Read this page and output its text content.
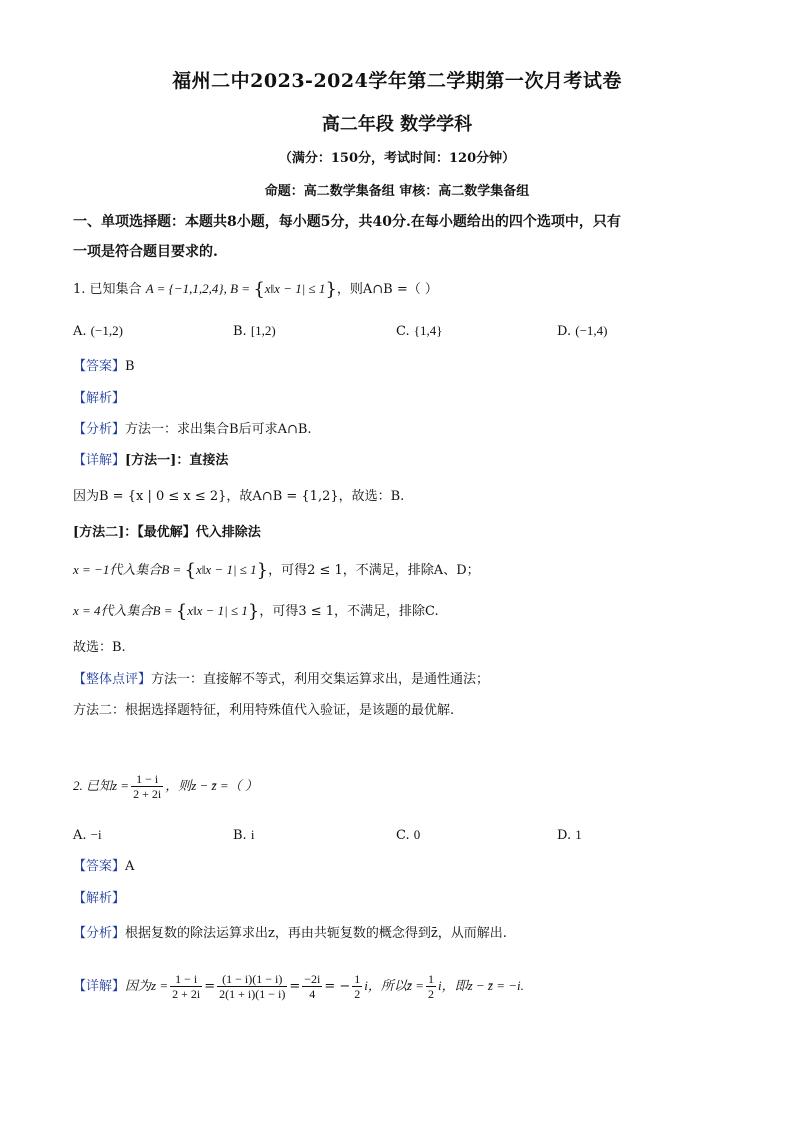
福州二中2023-2024学年第二学期第一次月考试卷
高二年段 数学学科
（满分：150分，考试时间：120分钟）
命题：高二数学集备组 审核：高二数学集备组
一、单项选择题：本题共8小题，每小题5分，共40分.在每小题给出的四个选项中，只有
一项是符合题目要求的.
1. 已知集合 A = {−1,1,2,4}, B = {x‖x − 1| ≤ 1}，则A∩B =（ ）
A. (−1,2)	B. [1,2)	C. {1,4}	D. (−1,4)
【答案】B
【解析】
【分析】方法一：求出集合B后可求A∩B.
【详解】[方法一]：直接法
因为B = {x | 0 ≤ x ≤ 2}，故A∩B = {1,2}，故选：B.
[方法二]：【最优解】代入排除法
x = −1代入集合B = {x‖x − 1| ≤ 1}，可得2 ≤ 1，不满足，排除A、D；
x = 4代入集合B = {x‖x − 1| ≤ 1}，可得3 ≤ 1，不满足，排除C.
故选：B.
【整体点评】方法一：直接解不等式，利用交集运算求出，是通性通法；
方法二：根据选择题特征，利用特殊值代入验证，是该题的最优解.
2. 已知$z = \frac{1 - i}{2 + 2i}$ ，则z − z̄ =（ ）
A. −i	B. i	C. 0	D. 1
【答案】A
【解析】
【分析】根据复数的除法运算求出z，再由共轭复数的概念得到z̄，从而解出.
【详解】因为$z = \frac{1 - i}{2 + 2i} = \frac{(1 - i)(1 - i)}{2(1 + i)(1 - i)} = \frac{-2i}{4}$ = − $\frac{1}{2}$ i，所以z̄ = $\frac{1}{2}$ i，即z − z̄ = −i.
